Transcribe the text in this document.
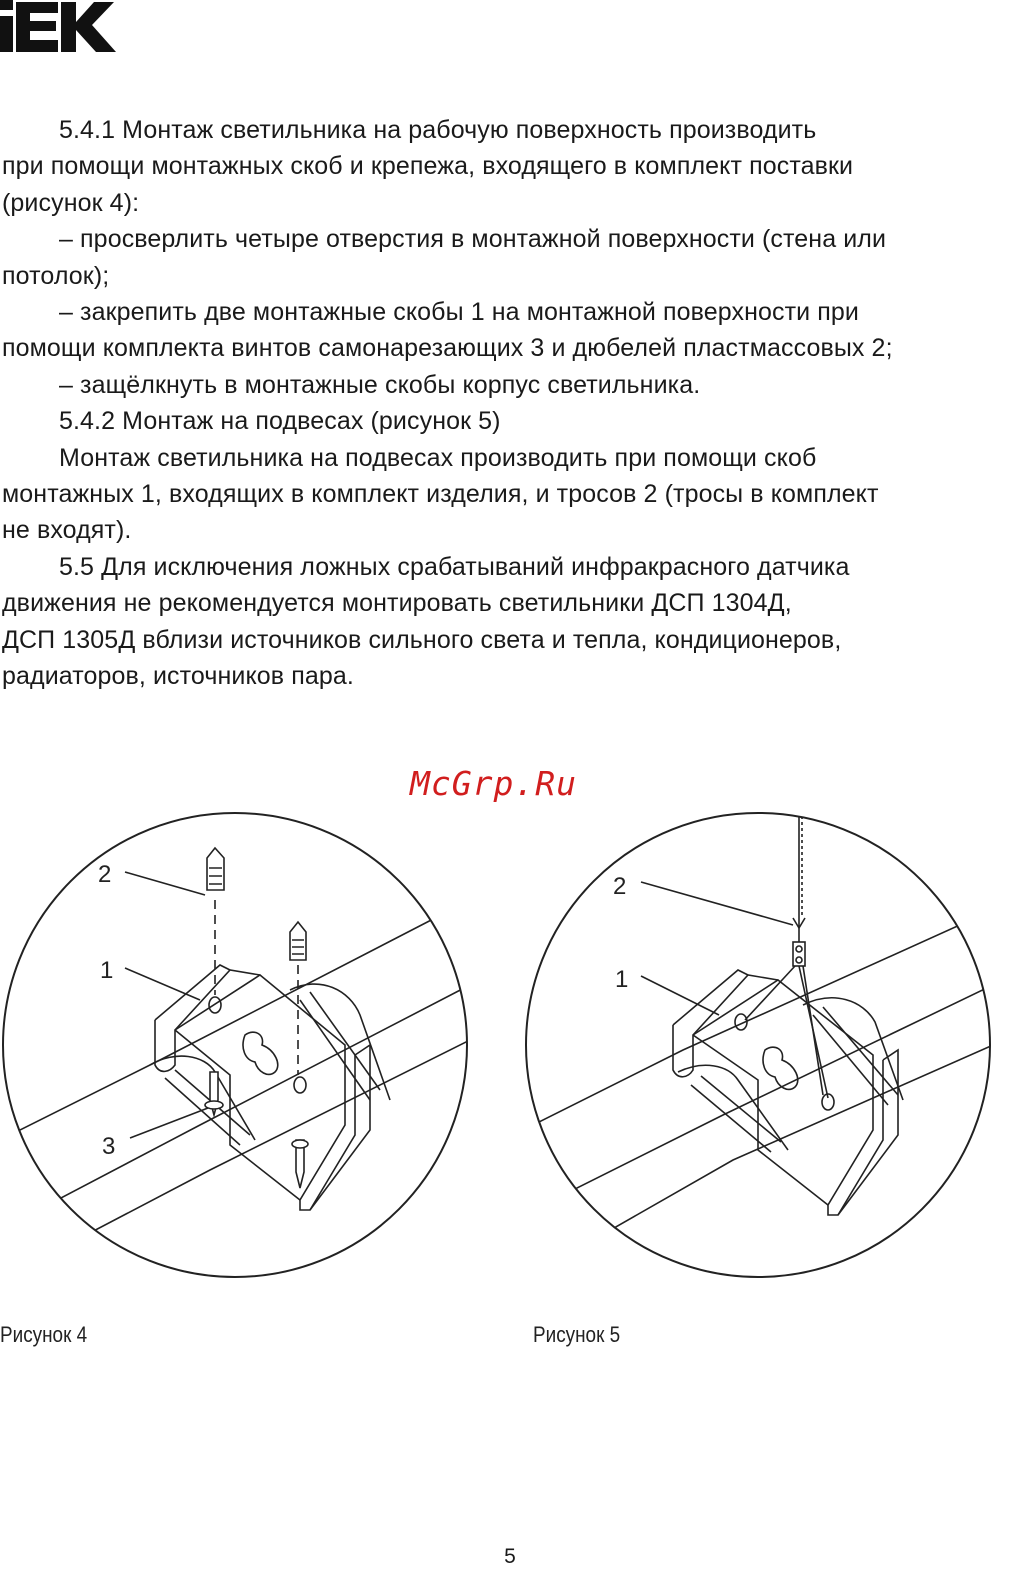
5.4.1 Монтаж светильника на рабочую поверхность производить

при помощи монтажных скоб и крепежа, входящего в комплект поставки

(рисунок 4):

– просверлить четыре отверстия в монтажной поверхности (стена или

потолок);

– закрепить две монтажные скобы 1 на монтажной поверхности при

помощи комплекта винтов самонарезающих 3 и дюбелей пластмассовых 2;

– защёлкнуть в монтажные скобы корпус светильника.

5.4.2 Монтаж на подвесах (рисунок 5)

Монтаж светильника на подвесах производить при помощи скоб

монтажных 1, входящих в комплект изделия, и тросов 2 (тросы в комплект

не входят).

5.5 Для исключения ложных срабатываний инфракрасного датчика

движения не рекомендуется монтировать светильники ДСП 1304Д,

ДСП 1305Д вблизи источников сильного света и тепла, кондиционеров,

радиаторов, источников пара.

McGrp.Ru
2
1
3
2
1
Рисунок 4	Рисунок 5
5
